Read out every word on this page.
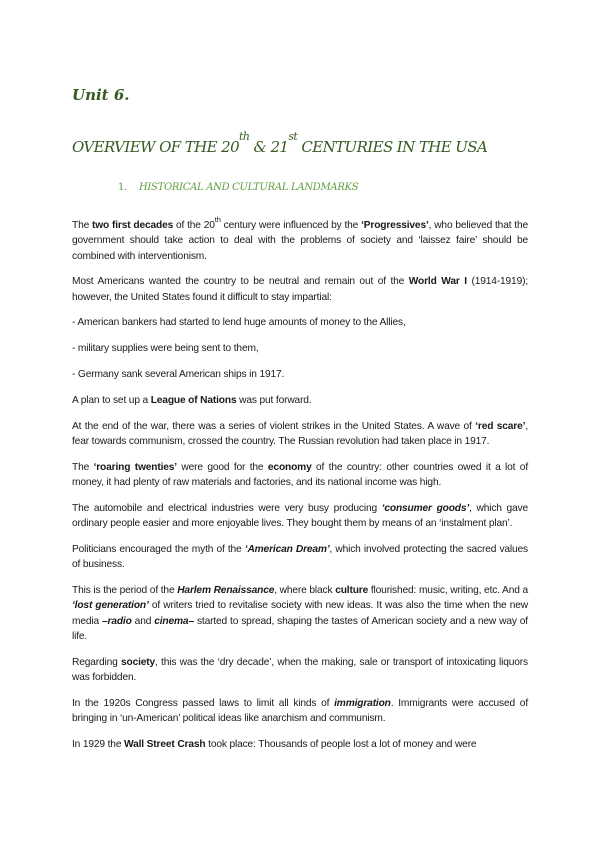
Unit 6.
OVERVIEW OF THE 20th & 21st CENTURIES IN THE USA
1. HISTORICAL AND CULTURAL LANDMARKS

The two first decades of the 20th century were influenced by the ‘Progressives’, who believed that the government should take action to deal with the problems of society and ‘laissez faire’ should be combined with interventionism.

Most Americans wanted the country to be neutral and remain out of the World War I (1914-1919); however, the United States found it difficult to stay impartial:

- American bankers had started to lend huge amounts of money to the Allies,

- military supplies were being sent to them,

- Germany sank several American ships in 1917.

A plan to set up a League of Nations was put forward.

At the end of the war, there was a series of violent strikes in the United States. A wave of ‘red scare’, fear towards communism, crossed the country. The Russian revolution had taken place in 1917.

The ‘roaring twenties’ were good for the economy of the country: other countries owed it a lot of money, it had plenty of raw materials and factories, and its national income was high.

The automobile and electrical industries were very busy producing ‘consumer goods’, which gave ordinary people easier and more enjoyable lives. They bought them by means of an ‘instalment plan’.

Politicians encouraged the myth of the ‘American Dream’, which involved protecting the sacred values of business.

This is the period of the Harlem Renaissance, where black culture flourished: music, writing, etc. And a ‘lost generation’ of writers tried to revitalise society with new ideas. It was also the time when the new media –radio and cinema– started to spread, shaping the tastes of American society and a new way of life.

Regarding society, this was the ‘dry decade’, when the making, sale or transport of intoxicating liquors was forbidden.

In the 1920s Congress passed laws to limit all kinds of immigration. Immigrants were accused of bringing in ‘un-American’ political ideas like anarchism and communism.

In 1929 the Wall Street Crash took place: Thousands of people lost a lot of money and were
